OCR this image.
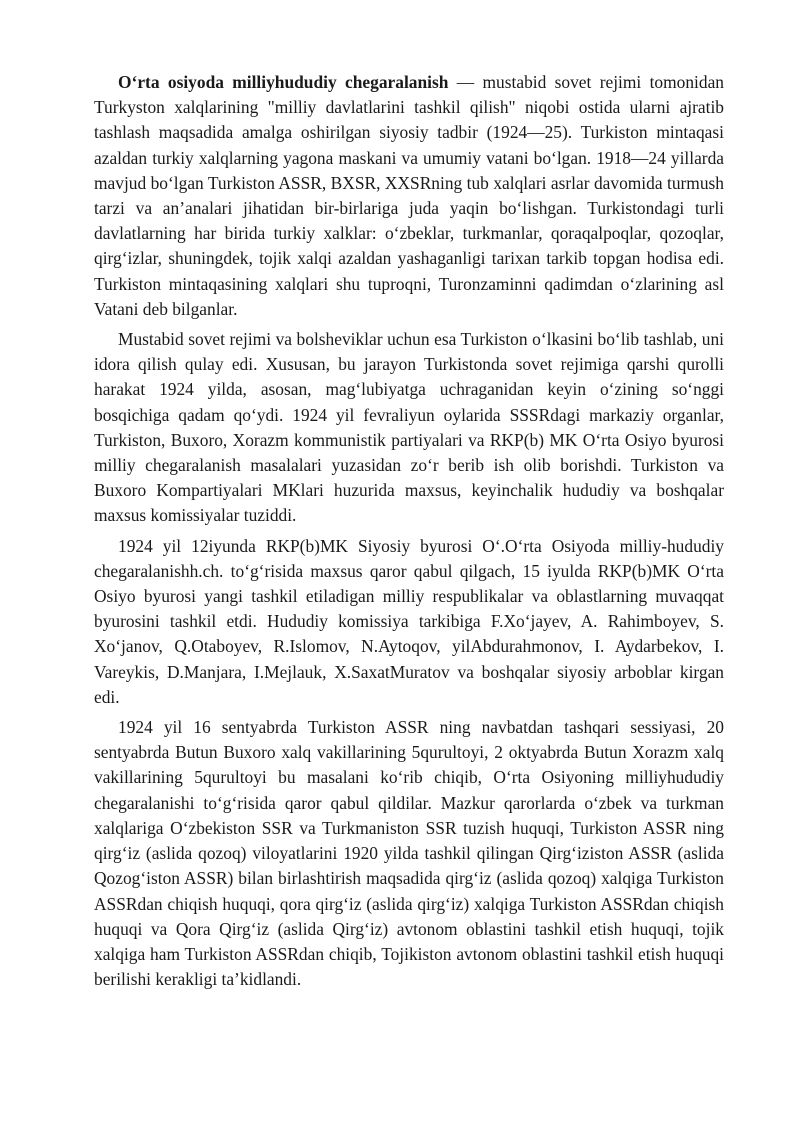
O‘rta osiyoda milliyhududiy chegaralanish — mustabid sovet rejimi tomonidan Turkyston xalqlarining "milliy davlatlarini tashkil qilish" niqobi ostida ularni ajratib tashlash maqsadida amalga oshirilgan siyosiy tadbir (1924—25). Turkiston mintaqasi azaldan turkiy xalqlarning yagona maskani va umumiy vatani bo‘lgan. 1918—24 yillarda mavjud bo‘lgan Turkiston ASSR, BXSR, XXSRning tub xalqlari asrlar davomida turmush tarzi va an’analari jihatidan bir-birlariga juda yaqin bo‘lishgan. Turkistondagi turli davlatlarning har birida turkiy xalklar: o‘zbeklar, turkmanlar, qoraqalpoqlar, qozoqlar, qirg‘izlar, shuningdek, tojik xalqi azaldan yashaganligi tarixan tarkib topgan hodisa edi. Turkiston mintaqasining xalqlari shu tuproqni, Turonzaminni qadimdan o‘zlarining asl Vatani deb bilganlar.

Mustabid sovet rejimi va bolsheviklar uchun esa Turkiston o‘lkasini bo‘lib tashlab, uni idora qilish qulay edi. Xususan, bu jarayon Turkistonda sovet rejimiga qarshi qurolli harakat 1924 yilda, asosan, mag‘lubiyatga uchraganidan keyin o‘zining so‘nggi bosqichiga qadam qo‘ydi. 1924 yil fevraliyun oylarida SSSRdagi markaziy organlar, Turkiston, Buxoro, Xorazm kommunistik partiyalari va RKP(b) MK O‘rta Osiyo byurosi milliy chegaralanish masalalari yuzasidan zo‘r berib ish olib borishdi. Turkiston va Buxoro Kompartiyalari MKlari huzurida maxsus, keyinchalik hududiy va boshqalar maxsus komissiyalar tuziddi.

1924 yil 12iyunda RKP(b)MK Siyosiy byurosi O‘.O‘rta Osiyoda milliy-hududiy chegaralanishh.ch. to‘g‘risida maxsus qaror qabul qilgach, 15 iyulda RKP(b)MK O‘rta Osiyo byurosi yangi tashkil etiladigan milliy respublikalar va oblastlarning muvaqqat byurosini tashkil etdi. Hududiy komissiya tarkibiga F.Xo‘jayev, A. Rahimboyev, S. Xo‘janov, Q.Otaboyev, R.Islomov, N.Aytoqov, yilAbdurahmonov, I. Aydarbekov, I. Vareykis, D.Manjara, I.Mejlauk, X.SaxatMuratov va boshqalar siyosiy arboblar kirgan edi.

1924 yil 16 sentyabrda Turkiston ASSR ning navbatdan tashqari sessiyasi, 20 sentyabrda Butun Buxoro xalq vakillarining 5qurultoyi, 2 oktyabrda Butun Xorazm xalq vakillarining 5qurultoyi bu masalani ko‘rib chiqib, O‘rta Osiyoning milliyhududiy chegaralanishi to‘g‘risida qaror qabul qildilar. Mazkur qarorlarda o‘zbek va turkman xalqlariga O‘zbekiston SSR va Turkmaniston SSR tuzish huquqi, Turkiston ASSR ning qirg‘iz (aslida qozoq) viloyatlarini 1920 yilda tashkil qilingan Qirg‘iziston ASSR (aslida Qozog‘iston ASSR) bilan birlashtirish maqsadida qirg‘iz (aslida qozoq) xalqiga Turkiston ASSRdan chiqish huquqi, qora qirg‘iz (aslida qirg‘iz) xalqiga Turkiston ASSRdan chiqish huquqi va Qora Qirg‘iz (aslida Qirg‘iz) avtonom oblastini tashkil etish huquqi, tojik xalqiga ham Turkiston ASSRdan chiqib, Tojikiston avtonom oblastini tashkil etish huquqi berilishi kerakligi ta’kidlandi.
